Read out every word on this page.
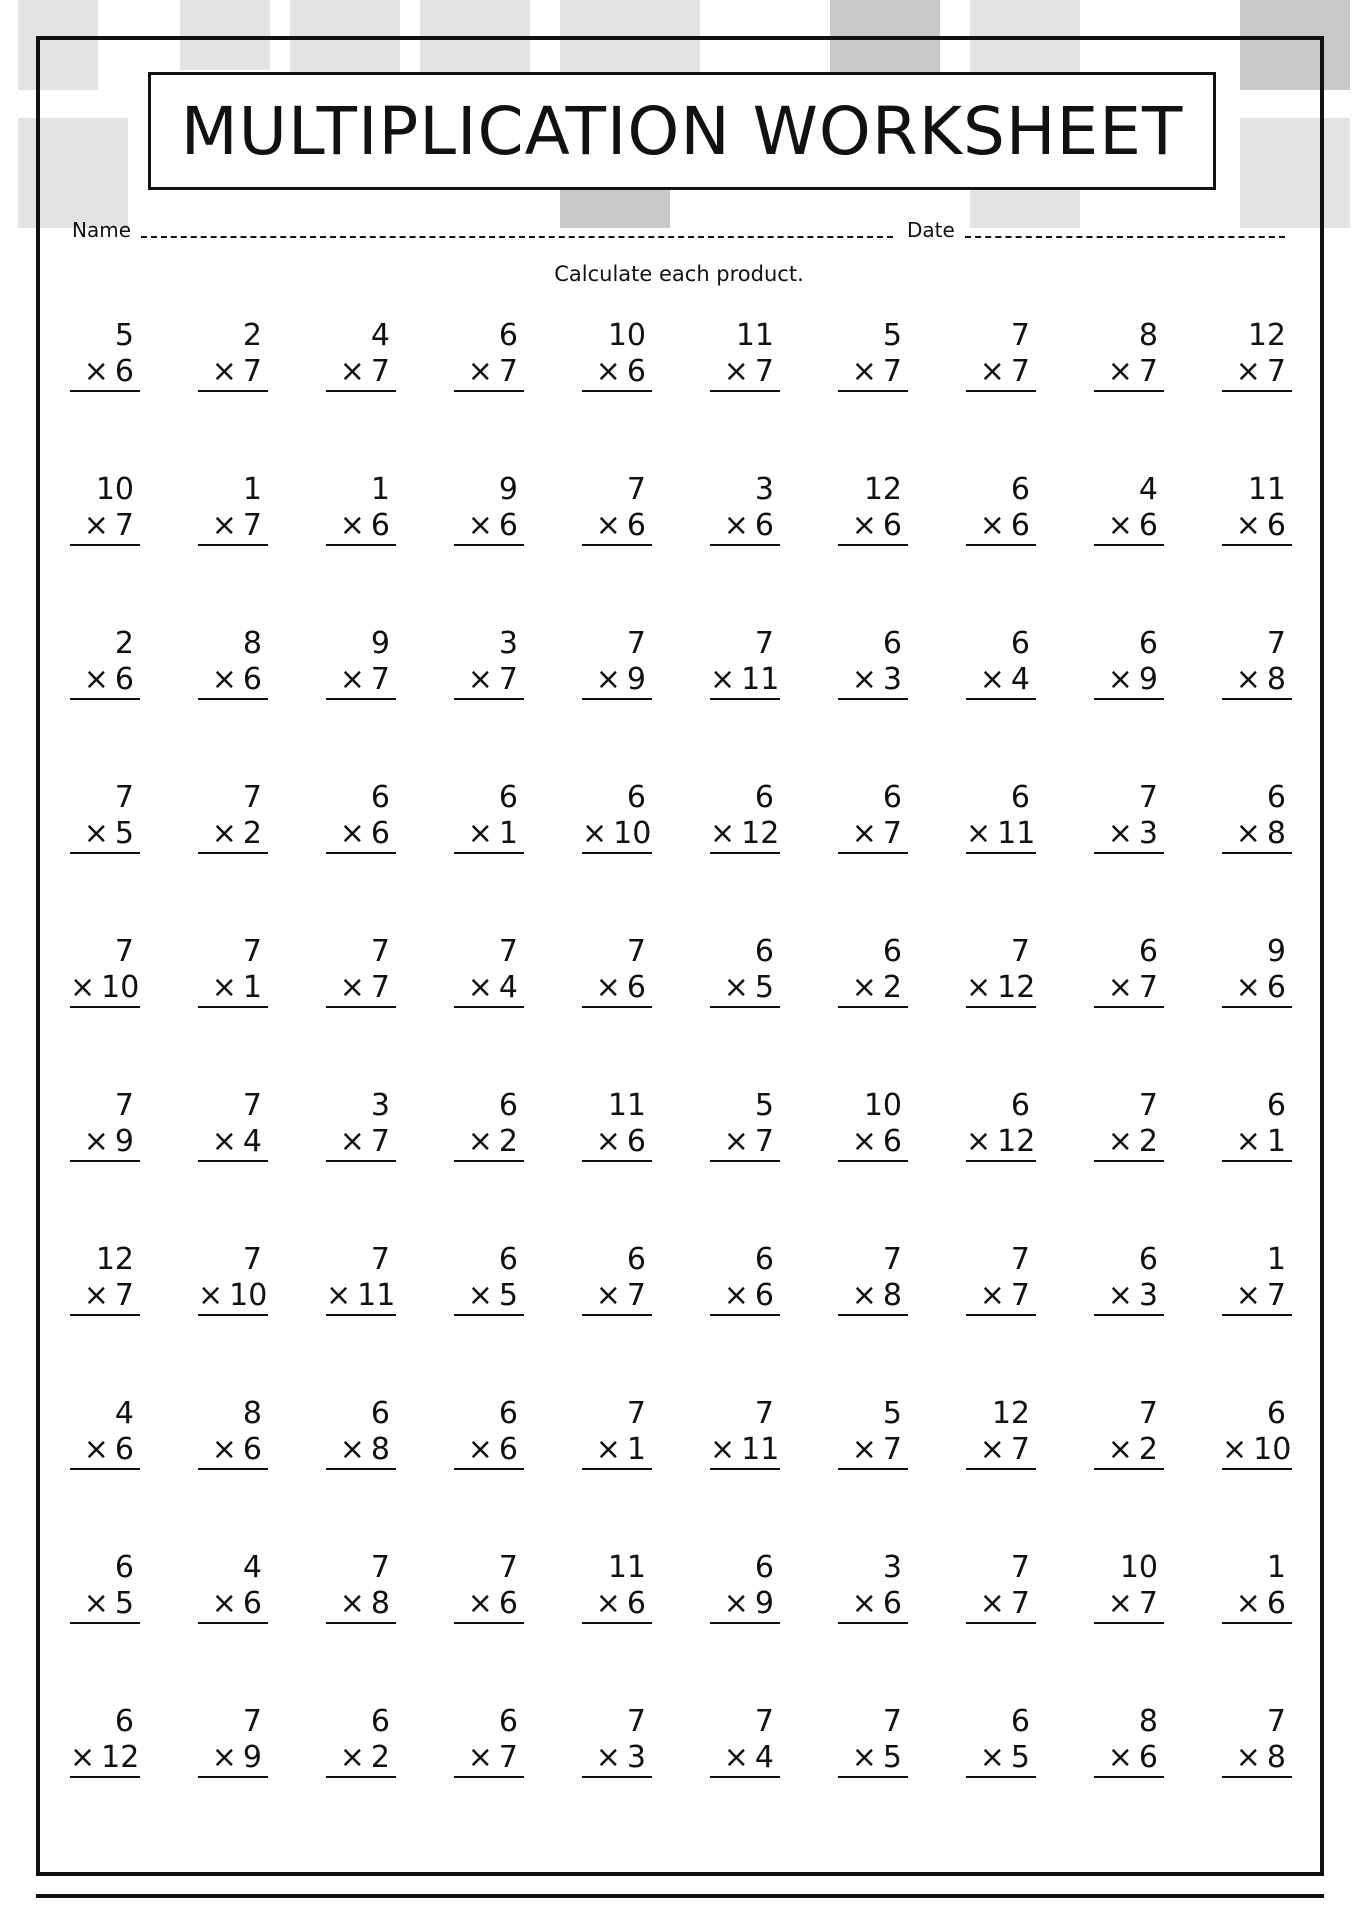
MULTIPLICATION WORKSHEET
Name	Date
Calculate each product.
5
× 6
2
× 7
4
× 7
6
× 7
10
× 6
11
× 7
5
× 7
7
× 7
8
× 7
12
× 7
10
× 7
1
× 7
1
× 6
9
× 6
7
× 6
3
× 6
12
× 6
6
× 6
4
× 6
11
× 6
2
× 6
8
× 6
9
× 7
3
× 7
7
× 9
7
× 11
6
× 3
6
× 4
6
× 9
7
× 8
7
× 5
7
× 2
6
× 6
6
× 1
6
× 10
6
× 12
6
× 7
6
× 11
7
× 3
6
× 8
7
× 10
7
× 1
7
× 7
7
× 4
7
× 6
6
× 5
6
× 2
7
× 12
6
× 7
9
× 6
7
× 9
7
× 4
3
× 7
6
× 2
11
× 6
5
× 7
10
× 6
6
× 12
7
× 2
6
× 1
12
× 7
7
× 10
7
× 11
6
× 5
6
× 7
6
× 6
7
× 8
7
× 7
6
× 3
1
× 7
4
× 6
8
× 6
6
× 8
6
× 6
7
× 1
7
× 11
5
× 7
12
× 7
7
× 2
6
× 10
6
× 5
4
× 6
7
× 8
7
× 6
11
× 6
6
× 9
3
× 6
7
× 7
10
× 7
1
× 6
6
× 12
7
× 9
6
× 2
6
× 7
7
× 3
7
× 4
7
× 5
6
× 5
8
× 6
7
× 8
